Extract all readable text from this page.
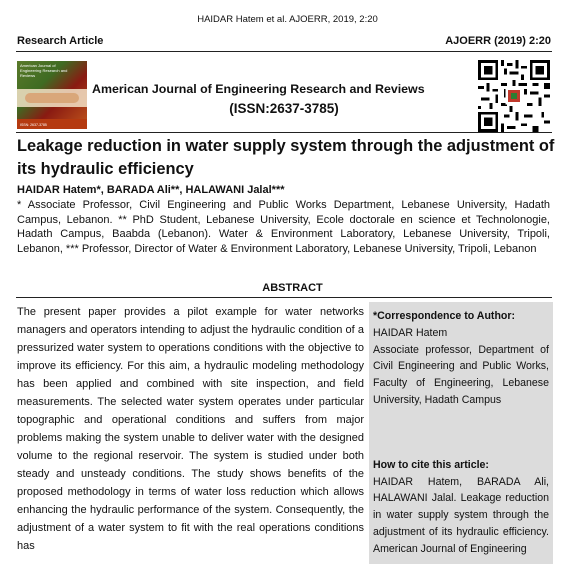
HAIDAR Hatem et al. AJOERR, 2019, 2:20
Research Article	AJOERR (2019) 2:20
American Journal of
Engineering Research and Reviews
ISSN: 2637-3785
American Journal of Engineering Research and Reviews
(ISSN:2637-3785)
Leakage reduction in water supply system through the adjustment of its hydraulic efficiency
HAIDAR Hatem*, BARADA Ali**, HALAWANI Jalal***
* Associate Professor, Civil Engineering and Public Works Department, Lebanese University, Hadath Campus, Lebanon. ** PhD Student, Lebanese University, Ecole doctorale en science et Technolonogie, Hadath Campus, Baabda (Lebanon). Water & Environment Laboratory, Lebanese University, Tripoli, Lebanon, *** Professor, Director of Water & Environment Laboratory, Lebanese University, Tripoli, Lebanon
ABSTRACT
The present paper provides a pilot example for water networks managers and operators intending to adjust the hydraulic condition of a pressurized water system to operations conditions with the objective to improve its efficiency. For this aim, a hydraulic modeling methodology has been applied and combined with site inspection, and field measurements. The selected water system operates under particular topographic and operational conditions and suffers from major problems making the system unable to deliver water with the designed volume to the regional reservoir. The system is studied under both steady and unsteady conditions. The study shows benefits of the proposed methodology in terms of water loss reduction which allows enhancing the hydraulic performance of the system. Consequently, the adjustment of a water system to fit with the real operations conditions has
*Correspondence to Author:
HAIDAR Hatem
Associate professor, Department of Civil Engineering and Public Works, Faculty of Engineering, Lebanese University, Hadath Campus
How to cite this article:
HAIDAR Hatem, BARADA Ali, HALAWANI Jalal. Leakage reduction in water supply system through the adjustment of its hydraulic efficiency. American Journal of Engineering
